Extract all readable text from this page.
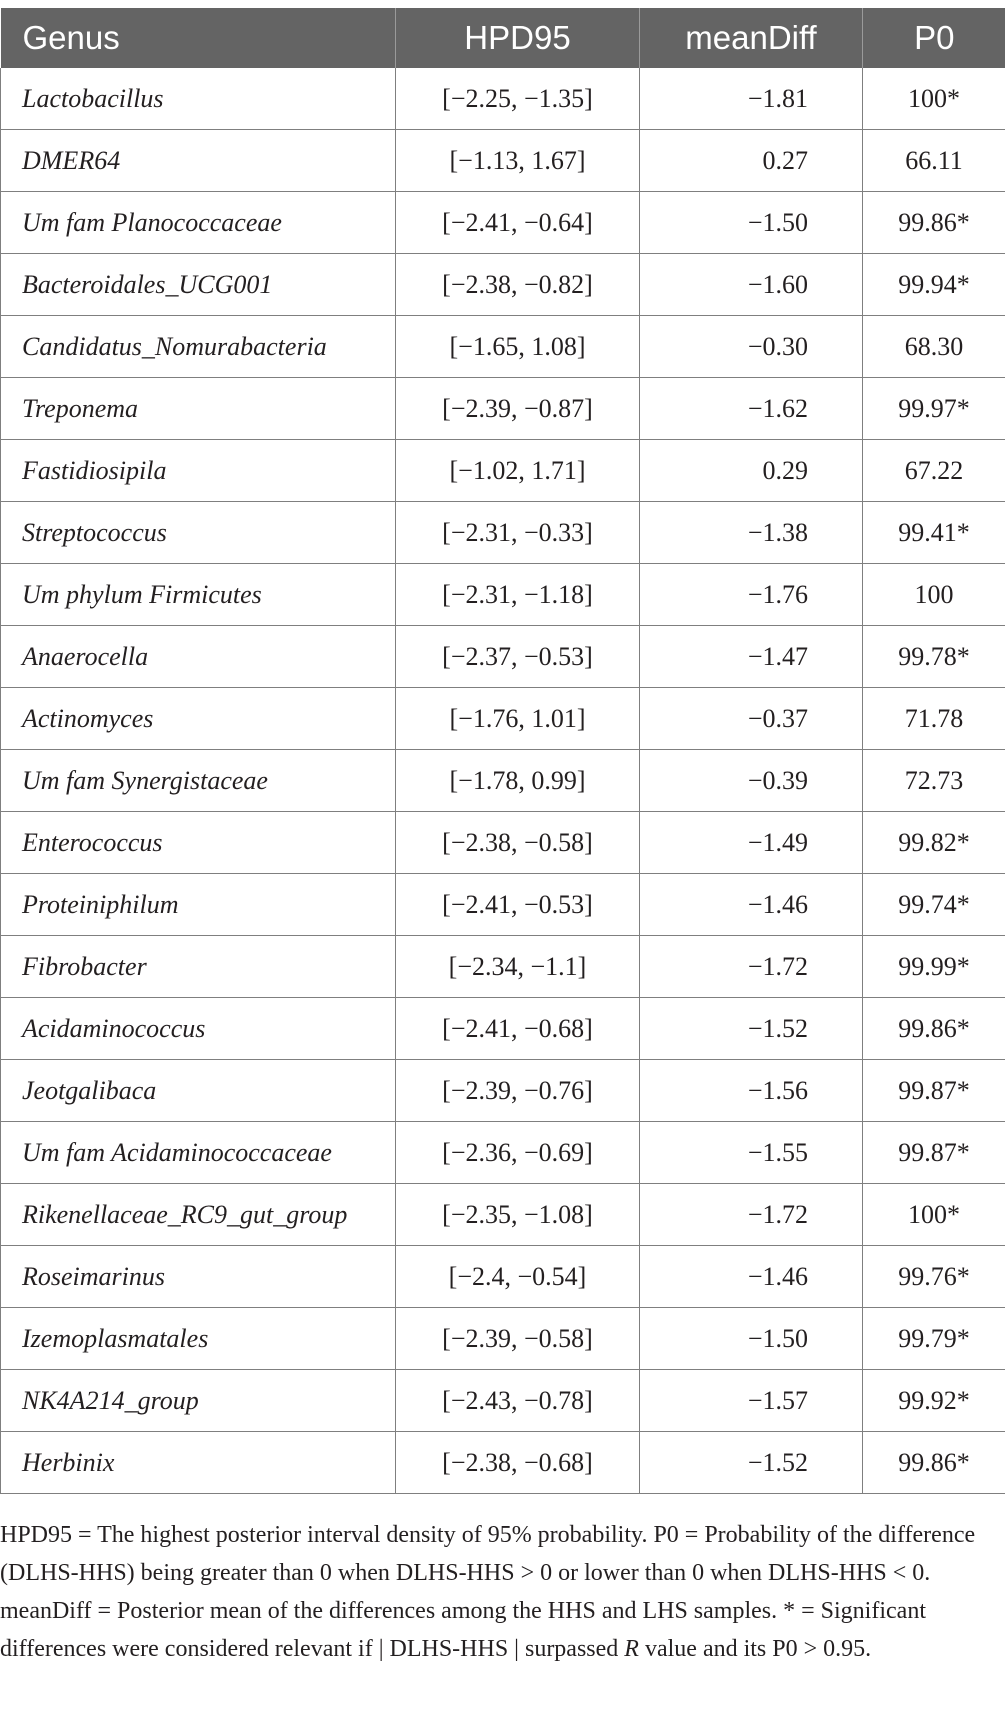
Genus	HPD95	meanDiff	P0
Lactobacillus	[−2.25, −1.35]	−1.81	100*
DMER64	[−1.13, 1.67]	0.27	66.11
Um fam Planococcaceae	[−2.41, −0.64]	−1.50	99.86*
Bacteroidales_UCG001	[−2.38, −0.82]	−1.60	99.94*
Candidatus_Nomurabacteria	[−1.65, 1.08]	−0.30	68.30
Treponema	[−2.39, −0.87]	−1.62	99.97*
Fastidiosipila	[−1.02, 1.71]	0.29	67.22
Streptococcus	[−2.31, −0.33]	−1.38	99.41*
Um phylum Firmicutes	[−2.31, −1.18]	−1.76	100
Anaerocella	[−2.37, −0.53]	−1.47	99.78*
Actinomyces	[−1.76, 1.01]	−0.37	71.78
Um fam Synergistaceae	[−1.78, 0.99]	−0.39	72.73
Enterococcus	[−2.38, −0.58]	−1.49	99.82*
Proteiniphilum	[−2.41, −0.53]	−1.46	99.74*
Fibrobacter	[−2.34, −1.1]	−1.72	99.99*
Acidaminococcus	[−2.41, −0.68]	−1.52	99.86*
Jeotgalibaca	[−2.39, −0.76]	−1.56	99.87*
Um fam Acidaminococcaceae	[−2.36, −0.69]	−1.55	99.87*
Rikenellaceae_RC9_gut_group	[−2.35, −1.08]	−1.72	100*
Roseimarinus	[−2.4, −0.54]	−1.46	99.76*
Izemoplasmatales	[−2.39, −0.58]	−1.50	99.79*
NK4A214_group	[−2.43, −0.78]	−1.57	99.92*
Herbinix	[−2.38, −0.68]	−1.52	99.86*
HPD95 = The highest posterior interval density of 95% probability. P0 = Probability of the difference (DLHS-HHS) being greater than 0 when DLHS-HHS > 0 or lower than 0 when DLHS-HHS < 0. meanDiff = Posterior mean of the differences among the HHS and LHS samples. * = Significant differences were considered relevant if | DLHS-HHS | surpassed R value and its P0 > 0.95.
